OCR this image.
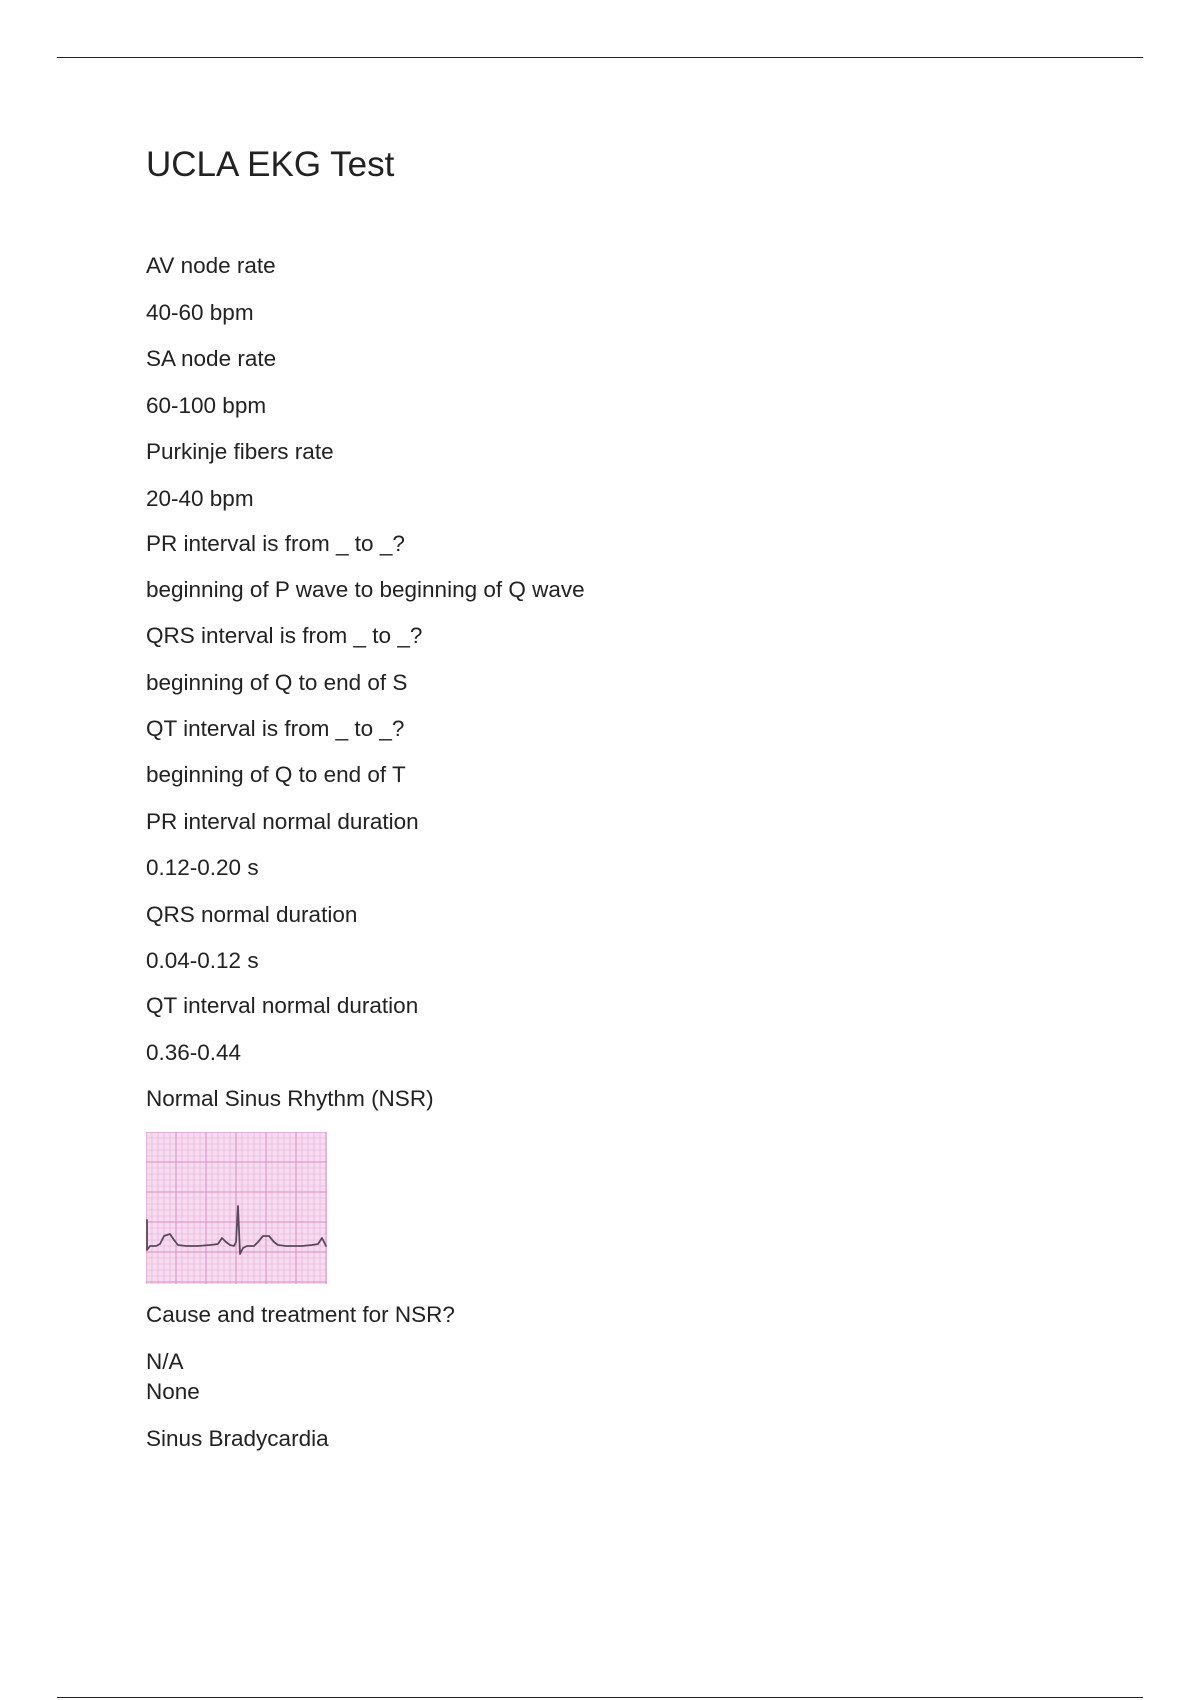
UCLA EKG Test
AV node rate
40-60 bpm
SA node rate
60-100 bpm
Purkinje fibers rate
20-40 bpm
PR interval is from _ to _?
beginning of P wave to beginning of Q wave
QRS interval is from _ to _?
beginning of Q to end of S
QT interval is from _ to _?
beginning of Q to end of T
PR interval normal duration
0.12-0.20 s
QRS normal duration
0.04-0.12 s
QT interval normal duration
0.36-0.44
Normal Sinus Rhythm (NSR)
Cause and treatment for NSR?
N/A
None
Sinus Bradycardia
